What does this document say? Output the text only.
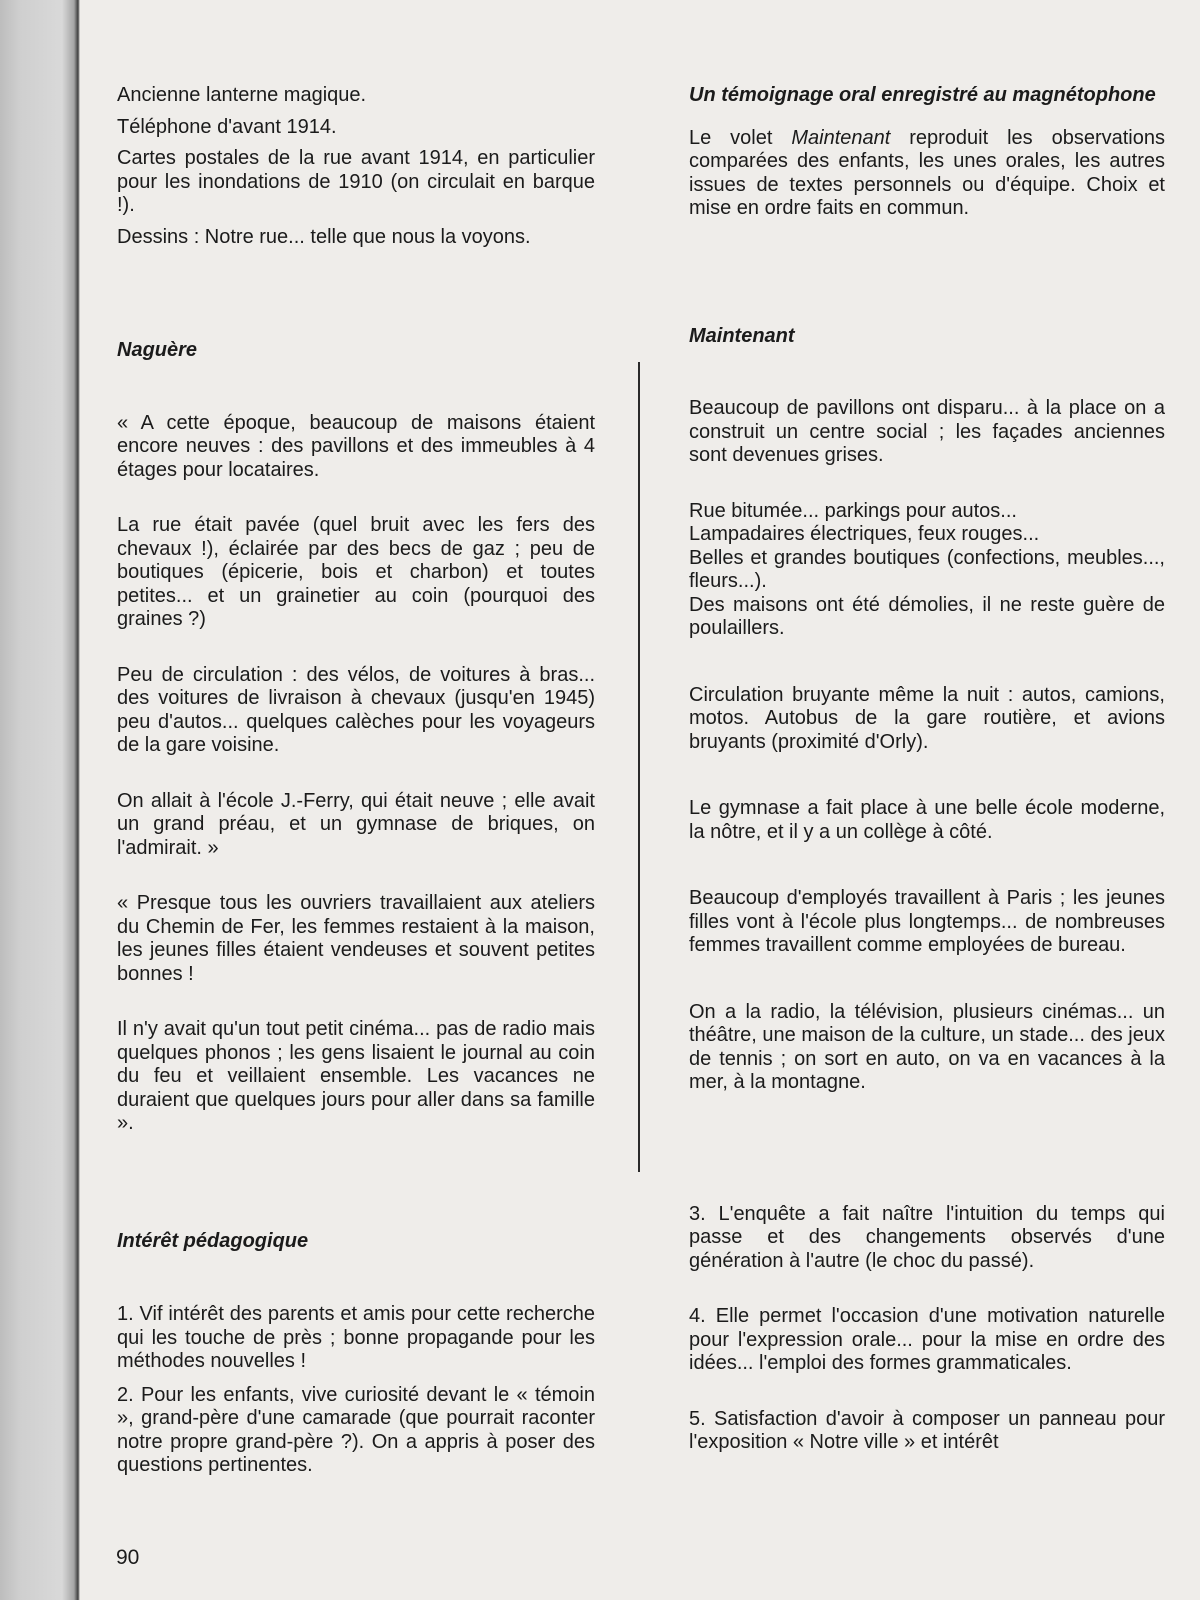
Ancienne lanterne magique.

Téléphone d'avant 1914.

Cartes postales de la rue avant 1914, en particulier pour les inondations de 1910 (on circulait en barque !).

Dessins : Notre rue... telle que nous la voyons.

Naguère

« A cette époque, beaucoup de maisons étaient encore neuves : des pavillons et des immeubles à 4 étages pour locataires.

La rue était pavée (quel bruit avec les fers des chevaux !), éclairée par des becs de gaz ; peu de boutiques (épicerie, bois et charbon) et toutes petites... et un grainetier au coin (pourquoi des graines ?)

Peu de circulation : des vélos, de voitures à bras... des voitures de livraison à chevaux (jusqu'en 1945) peu d'autos... quelques calèches pour les voyageurs de la gare voisine.

On allait à l'école J.-Ferry, qui était neuve ; elle avait un grand préau, et un gymnase de briques, on l'admirait. »

« Presque tous les ouvriers travaillaient aux ateliers du Chemin de Fer, les femmes restaient à la maison, les jeunes filles étaient vendeuses et souvent petites bonnes !

Il n'y avait qu'un tout petit cinéma... pas de radio mais quelques phonos ; les gens lisaient le journal au coin du feu et veillaient ensemble. Les vacances ne duraient que quelques jours pour aller dans sa famille ».

Intérêt pédagogique

1. Vif intérêt des parents et amis pour cette recherche qui les touche de près ; bonne propagande pour les méthodes nouvelles !

2. Pour les enfants, vive curiosité devant le « témoin », grand-père d'une camarade (que pourrait raconter notre propre grand-père ?). On a appris à poser des questions pertinentes.

Un témoignage oral enregistré au magnétophone

Le volet Maintenant reproduit les observations comparées des enfants, les unes orales, les autres issues de textes personnels ou d'équipe. Choix et mise en ordre faits en commun.

Maintenant

Beaucoup de pavillons ont disparu... à la place on a construit un centre social ; les façades anciennes sont devenues grises.

Rue bitumée... parkings pour autos...

Lampadaires électriques, feux rouges...

Belles et grandes boutiques (confections, meubles..., fleurs...).

Des maisons ont été démolies, il ne reste guère de poulaillers.

Circulation bruyante même la nuit : autos, camions, motos. Autobus de la gare routière, et avions bruyants (proximité d'Orly).

Le gymnase a fait place à une belle école moderne, la nôtre, et il y a un collège à côté.

Beaucoup d'employés travaillent à Paris ; les jeunes filles vont à l'école plus longtemps... de nombreuses femmes travaillent comme employées de bureau.

On a la radio, la télévision, plusieurs cinémas... un théâtre, une maison de la culture, un stade... des jeux de tennis ; on sort en auto, on va en vacances à la mer, à la montagne.

3. L'enquête a fait naître l'intuition du temps qui passe et des changements observés d'une génération à l'autre (le choc du passé).

4. Elle permet l'occasion d'une motivation naturelle pour l'expression orale... pour la mise en ordre des idées... l'emploi des formes grammaticales.

5. Satisfaction d'avoir à composer un panneau pour l'exposition « Notre ville » et intérêt

90
